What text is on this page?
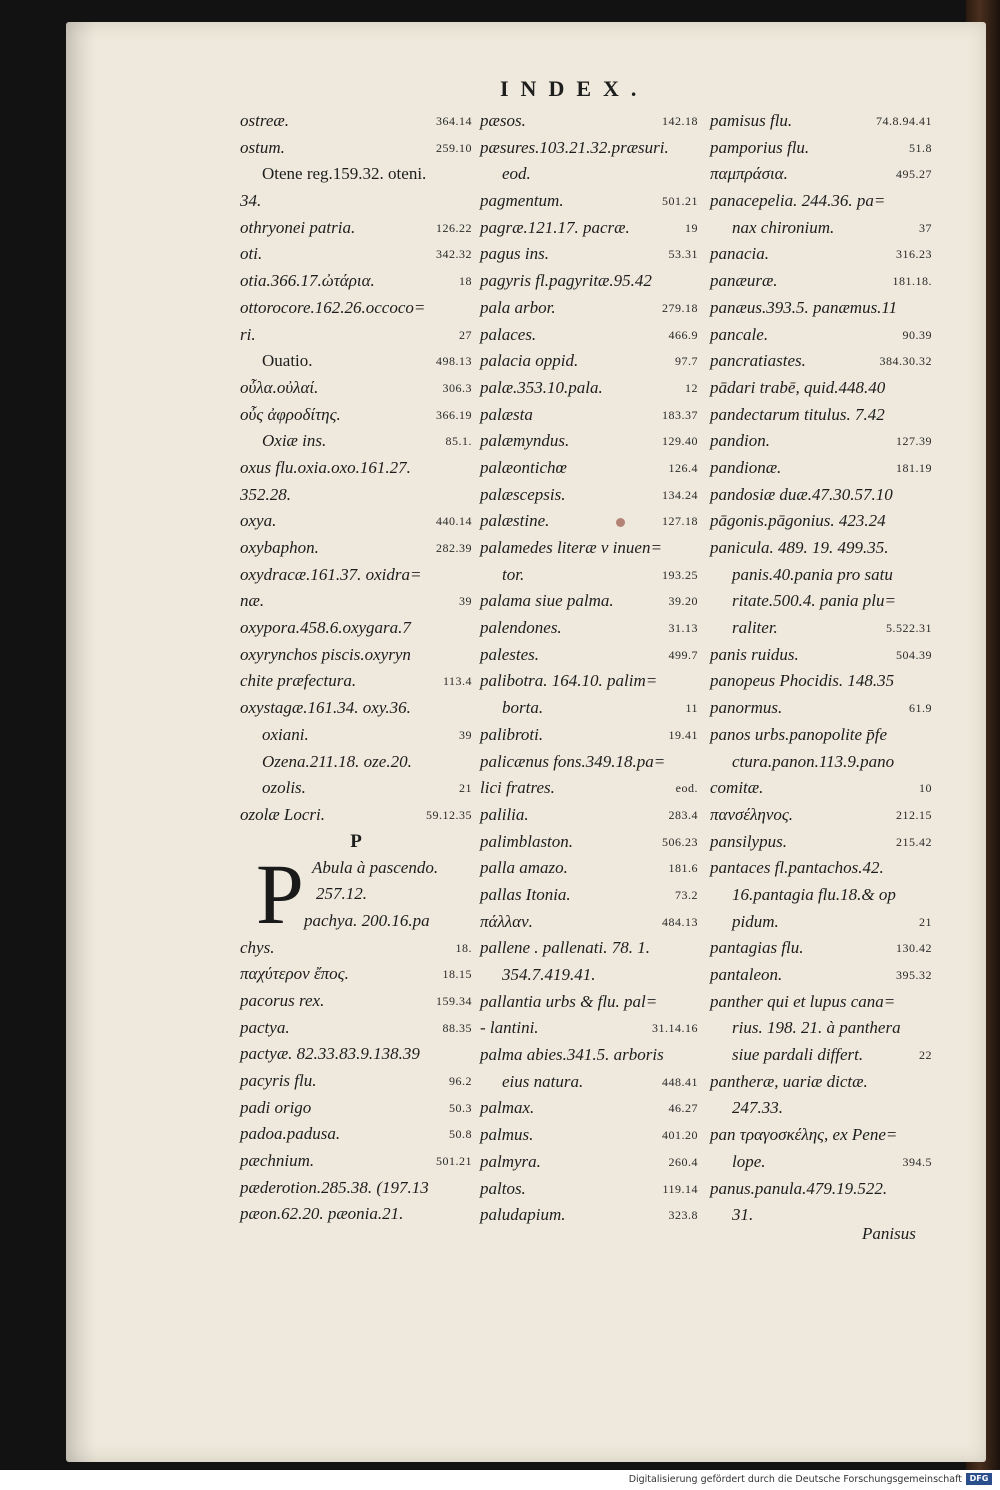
INDEX.
ostreæ.	364.14
ostum.	259.10
Otene reg.159.32. oteni.
34.
othryonei patria.	126.22
oti.	342.32
otia.366.17.ὠτάρια.	18
ottorocore.162.26.occoco=
ri.	27
Ouatio.	498.13
οὖλα.οὐλαί.	306.3
οὖς ἀφροδίτης.	366.19
Oxiæ ins.	85.1.
oxus flu.oxia.oxo.161.27.
352.28.
oxya.	440.14
oxybaphon.	282.39
oxydracæ.161.37. oxidra=
næ.	39
oxypora.458.6.oxygara.7
oxyrynchos piscis.oxyryn
chite præfectura.	113.4
oxystagæ.161.34. oxy.36.
oxiani.	39
Ozena.211.18. oze.20.
ozolis.	21
ozolæ Locri.	59.12.35
P
P Abula à pascendo.
257.12.
pachya. 200.16.pa
chys.	18.
παχύτερον ἔπος.	18.15
pacorus rex.	159.34
pactya.	88.35
pactyæ. 82.33.83.9.138.39
pacyris flu.	96.2
padi origo	50.3
padoa.padusa.	50.8
pæchnium.	501.21
pæderotion.285.38. (197.13
pæon.62.20. pæonia.21.
pæsos.	142.18
pæsures.103.21.32.præsuri.
eod.
pagmentum.	501.21
pagræ.121.17. pacræ.	19
pagus ins.	53.31
pagyris fl.pagyritæ.95.42
pala arbor.	279.18
palaces.	466.9
palacia oppid.	97.7
palæ.353.10.pala.	12
palæsta	183.37
palæmyndus.	129.40
palæontichœ	126.4
palæscepsis.	134.24
palæstine.	127.18
palamedes literæ v inuen=
tor.	193.25
palama siue palma.	39.20
palendones.	31.13
palestes.	499.7
palibotra. 164.10. palim=
borta.	11
palibroti.	19.41
palicænus fons.349.18.pa=
lici fratres.	eod.
palilia.	283.4
palimblaston.	506.23
palla amazo.	181.6
pallas Itonia.	73.2
πάλλαν.	484.13
pallene . pallenati. 78. 1.
354.7.419.41.
pallantia urbs & flu. pal=
- lantini.	31.14.16
palma abies.341.5. arboris
eius natura.	448.41
palmax.	46.27
palmus.	401.20
palmyra.	260.4
paltos.	119.14
paludapium.	323.8
pamisus flu.	74.8.94.41
pamporius flu.	51.8
παμπράσια.	495.27
panacepelia. 244.36. pa=
nax chironium.	37
panacia.	316.23
panæuræ.	181.18.
panæus.393.5. panæmus.11
pancale.	90.39
pancratiastes.	384.30.32
pādari trabē, quid.448.40
pandectarum titulus. 7.42
pandion.	127.39
pandionæ.	181.19
pandosiæ duæ.47.30.57.10
pāgonis.pāgonius. 423.24
panicula. 489. 19. 499.35.
panis.40.pania pro satu
ritate.500.4. pania plu=
raliter.	5.522.31
panis ruidus.	504.39
panopeus Phocidis. 148.35
panormus.	61.9
panos urbs.panopolite p̄fe
ctura.panon.113.9.pano
comitæ.	10
πανσέληνος.	212.15
pansilypus.	215.42
pantaces fl.pantachos.42.
16.pantagia flu.18.& op
pidum.	21
pantagias flu.	130.42
pantaleon.	395.32
panther qui et lupus cana=
rius. 198. 21. à panthera
siue pardali differt.	22
pantheræ, uariæ dictæ.
247.33.
pan τραγοσκέλης, ex Pene=
lope.	394.5
panus.panula.479.19.522.
31.
Panisus
Digitalisierung gefördert durch die Deutsche Forschungsgemeinschaft DFG
